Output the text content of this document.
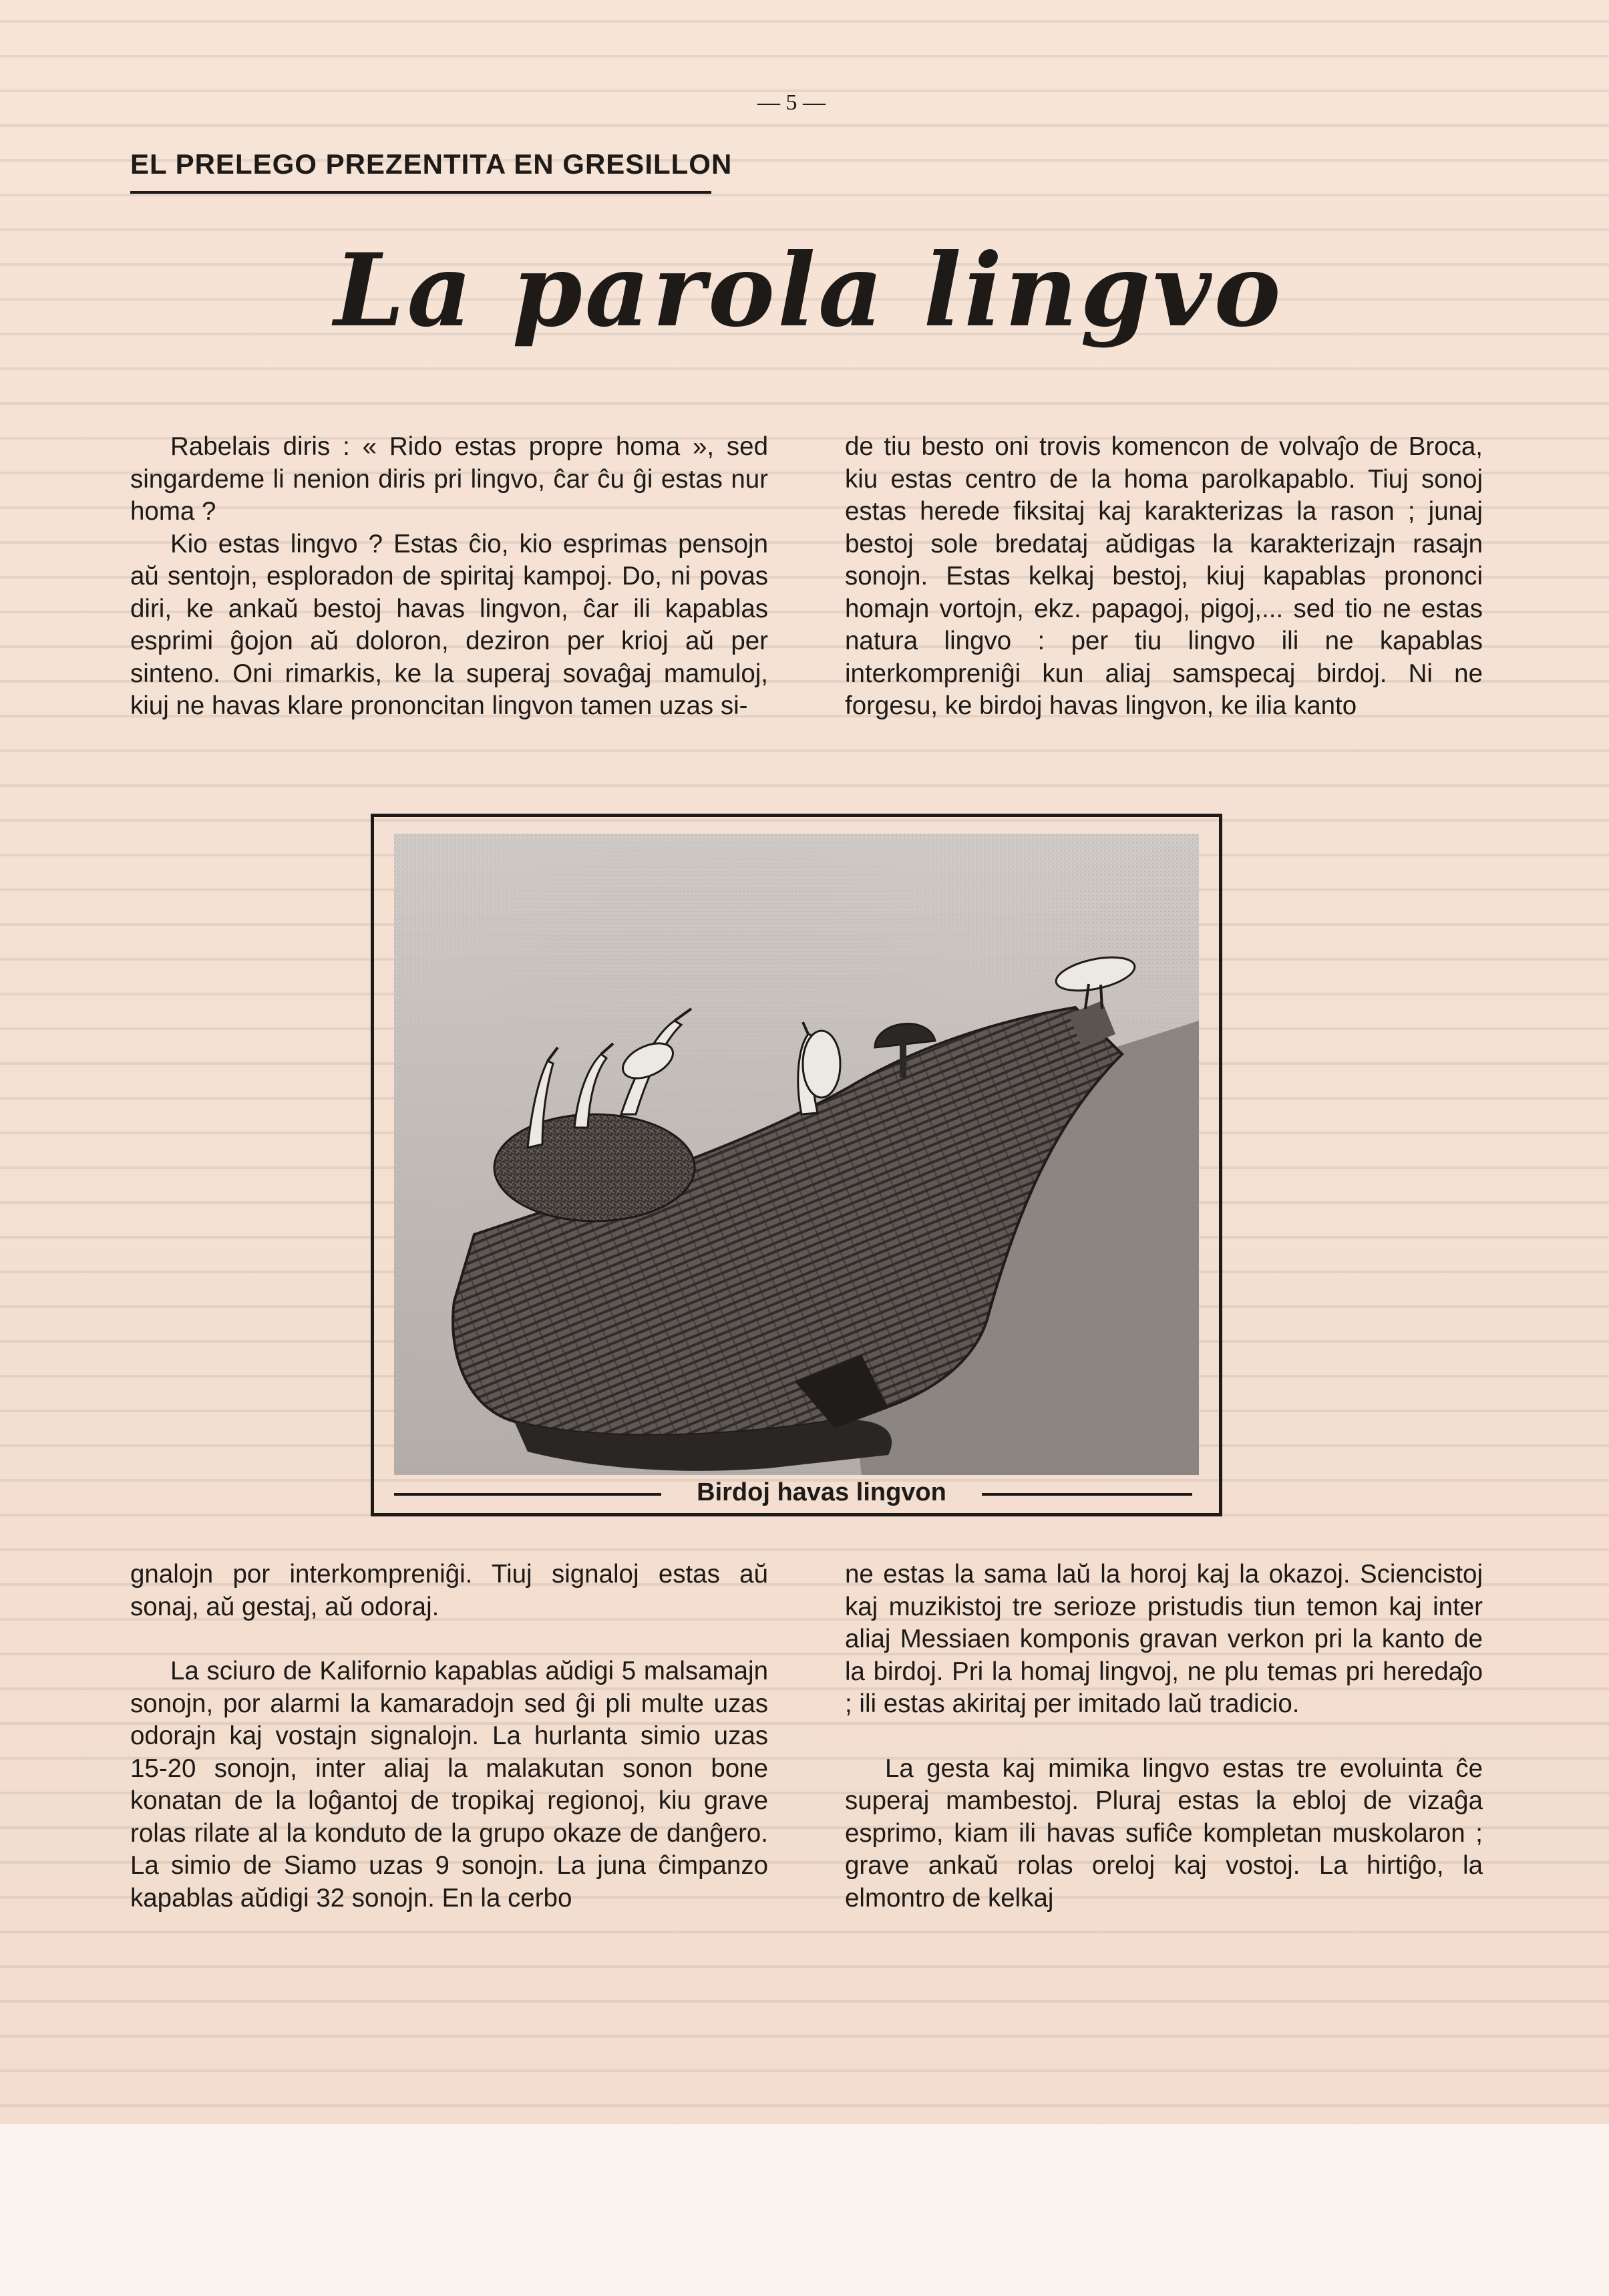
— 5 —
EL PRELEGO PREZENTITA EN GRESILLON
La parola lingvo

Rabelais diris : « Rido estas propre homa », sed singardeme li nenion diris pri lingvo, ĉar ĉu ĝi estas nur homa ?

Kio estas lingvo ? Estas ĉio, kio esprimas pensojn aŭ sentojn, esploradon de spiritaj kampoj. Do, ni povas diri, ke ankaŭ bestoj havas lingvon, ĉar ili kapablas esprimi ĝojon aŭ doloron, deziron per krioj aŭ per sinteno. Oni rimarkis, ke la superaj sovaĝaj mamuloj, kiuj ne havas klare prononcitan lingvon tamen uzas si-

de tiu besto oni trovis komencon de volvaĵo de Broca, kiu estas centro de la homa parolkapablo. Tiuj sonoj estas herede fiksitaj kaj karakterizas la rason ; junaj bestoj sole bredataj aŭdigas la karakterizajn rasajn sonojn. Estas kelkaj bestoj, kiuj kapablas prononci homajn vortojn, ekz. papagoj, pigoj,... sed tio ne estas natura lingvo : per tiu lingvo ili ne kapablas interkompreniĝi kun aliaj samspecaj birdoj. Ni ne forgesu, ke birdoj havas lingvon, ke ilia kanto

Birdoj havas lingvon

gnalojn por interkompreniĝi. Tiuj signaloj estas aŭ sonaj, aŭ gestaj, aŭ odoraj.

La sciuro de Kalifornio kapablas aŭdigi 5 malsamajn sonojn, por alarmi la kamaradojn sed ĝi pli multe uzas odorajn kaj vostajn signalojn. La hurlanta simio uzas 15-20 sonojn, inter aliaj la malakutan sonon bone konatan de la loĝantoj de tropikaj regionoj, kiu grave rolas rilate al la konduto de la grupo okaze de danĝero. La simio de Siamo uzas 9 sonojn. La juna ĉimpanzo kapablas aŭdigi 32 sonojn. En la cerbo

ne estas la sama laŭ la horoj kaj la okazoj. Sciencistoj kaj muzikistoj tre serioze pristudis tiun temon kaj inter aliaj Messiaen komponis gravan verkon pri la kanto de la birdoj. Pri la homaj lingvoj, ne plu temas pri heredaĵo ; ili estas akiritaj per imitado laŭ tradicio.

La gesta kaj mimika lingvo estas tre evoluinta ĉe superaj mambestoj. Pluraj estas la ebloj de vizaĝa esprimo, kiam ili havas sufiĉe kompletan muskolaron ; grave ankaŭ rolas oreloj kaj vostoj. La hirtiĝo, la elmontro de kelkaj
